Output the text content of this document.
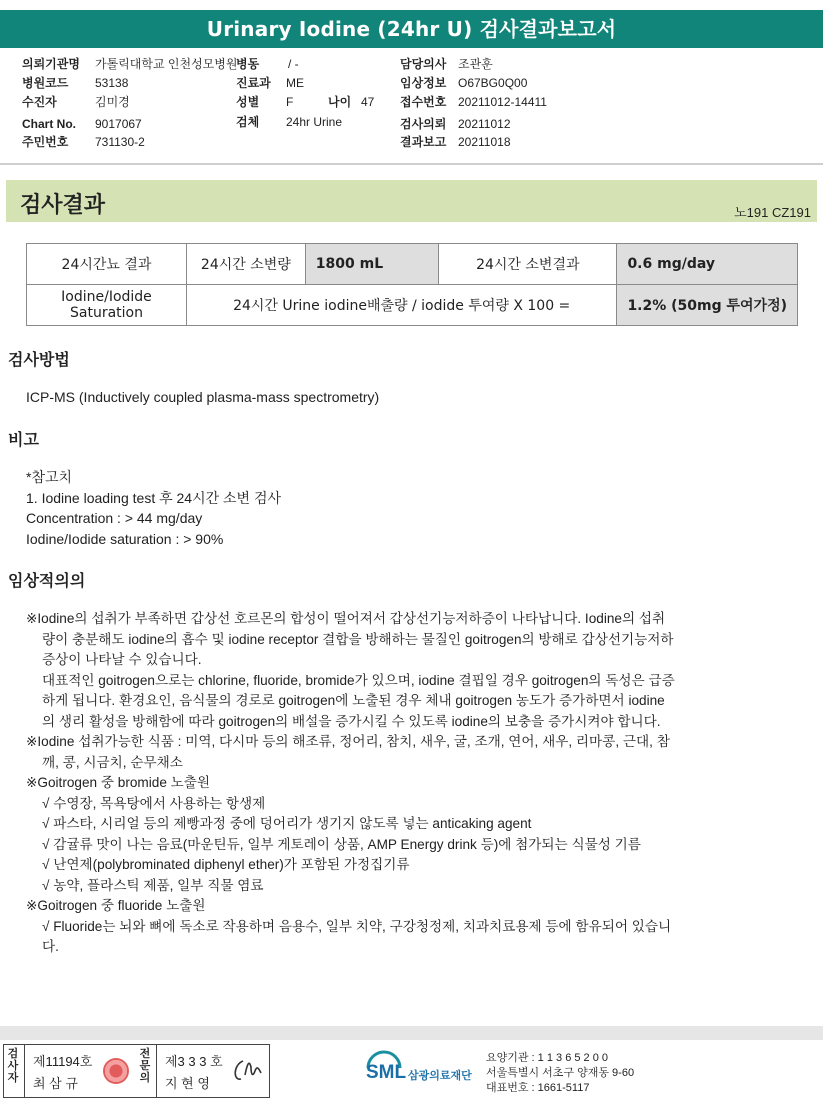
Urinary Iodine (24hr U) 검사결과보고서
의뢰기관명 가톨릭대학교 인천성모병원
병동 / -	담당의사 조관훈
병원코드 53138	진료과 ME	임상정보 O67BG0Q00
수진자	김미경	성별 F	나이 47 접수번호 20211012-14411
Chart No. 9017067	검체 24hr Urine	검사의뢰 20211012
주민번호 731130-2	결과보고 20211018
검사결과	노191 CZ191
24시간뇨 결과	24시간 소변량	1800 mL	24시간 소변결과	0.6 mg/day
Iodine/Iodide Saturation	24시간 Urine iodine배출량 / iodide 투여량 X 100 =			1.2% (50mg 투여가정)
검사방법
ICP-MS (Inductively coupled plasma-mass spectrometry)
비고
*참고치
1. Iodine loading test 후 24시간 소변 검사
Concentration : > 44 mg/day
Iodine/Iodide saturation : > 90%
임상적의의
※Iodine의 섭취가 부족하면 갑상선 호르몬의 합성이 떨어져서 갑상선기능저하증이 나타납니다. Iodine의 섭취
량이 충분해도 iodine의 흡수 및 iodine receptor 결합을 방해하는 물질인 goitrogen의 방해로 갑상선기능저하
증상이 나타날 수 있습니다.
대표적인 goitrogen으로는 chlorine, fluoride, bromide가 있으며, iodine 결핍일 경우 goitrogen의 독성은 급증
하게 됩니다. 환경요인, 음식물의 경로로 goitrogen에 노출된 경우 체내 goitrogen 농도가 증가하면서 iodine
의 생리 활성을 방해함에 따라 goitrogen의 배설을 증가시킬 수 있도록 iodine의 보충을 증가시켜야 합니다.
※Iodine 섭취가능한 식품 : 미역, 다시마 등의 해조류, 정어리, 참치, 새우, 굴, 조개, 연어, 새우, 리마콩, 근대, 참
깨, 콩, 시금치, 순무채소
※Goitrogen 중 bromide 노출원
√ 수영장, 목욕탕에서 사용하는 항생제
√ 파스타, 시리얼 등의 제빵과정 중에 덩어리가 생기지 않도록 넣는 anticaking agent
√ 감귤류 맛이 나는 음료(마운틴듀, 일부 게토레이 상품, AMP Energy drink 등)에 첨가되는 식물성 기름
√ 난연제(polybrominated diphenyl ether)가 포함된 가정집기류
√ 농약, 플라스틱 제품, 일부 직물 염료
※Goitrogen 중 fluoride 노출원
√ Fluoride는 뇌와 뼈에 독소로 작용하며 음용수, 일부 치약, 구강청정제, 치과치료용제 등에 함유되어 있습니
다.
검사자
제11194호
최 삼 규
전문의
제3 3 3 호
지 현 영
SML 삼광의료재단
요양기관 : 1 1 3 6 5 2 0 0
서울특별시 서초구 양재동 9-60
대표번호 : 1661-5117
